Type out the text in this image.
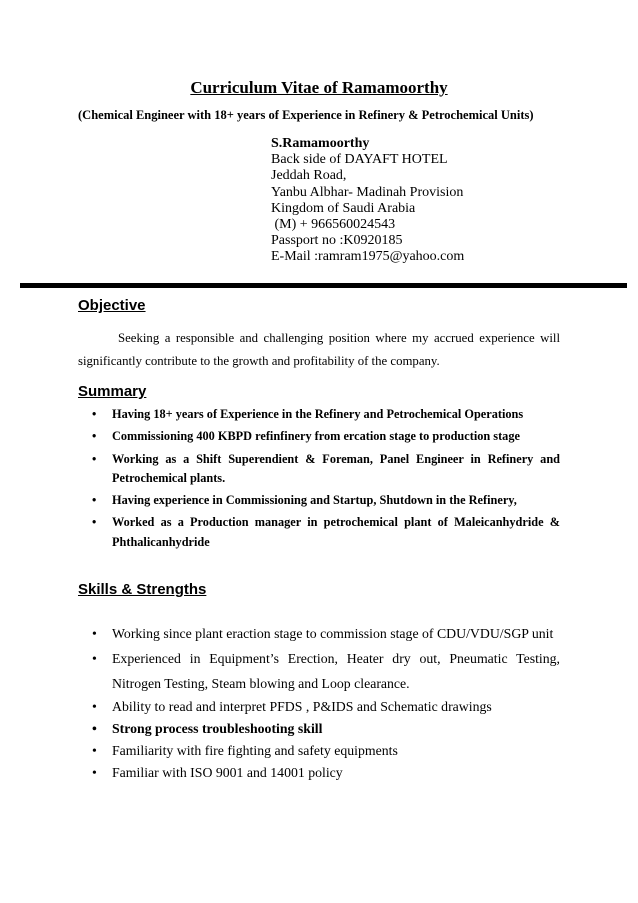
Curriculum Vitae of Ramamoorthy
(Chemical Engineer with 18+ years of Experience in Refinery & Petrochemical Units)
S.Ramamoorthy
Back side of DAYAFT HOTEL
Jeddah Road,
Yanbu Albhar- Madinah Provision
Kingdom of Saudi Arabia
(M) + 966560024543
Passport no :K0920185
E-Mail :ramram1975@yahoo.com
Objective
Seeking a responsible and challenging position where my accrued experience will significantly contribute to the growth and profitability of the company.
Summary
• Having 18+ years of Experience in the Refinery and Petrochemical Operations
• Commissioning 400 KBPD refinfinery from ercation stage to production stage
• Working as a Shift Superendient & Foreman, Panel Engineer in Refinery and Petrochemical plants.
• Having experience in Commissioning and Startup, Shutdown in the Refinery,
• Worked as a Production manager in petrochemical plant of Maleicanhydride & Phthalicanhydride
Skills & Strengths
• Working since plant eraction stage to commission stage of CDU/VDU/SGP unit
• Experienced in Equipment’s Erection, Heater dry out, Pneumatic Testing, Nitrogen Testing, Steam blowing and Loop clearance.
• Ability to read and interpret PFDS , P&IDS and Schematic drawings
• Strong process troubleshooting skill
• Familiarity with fire fighting and safety equipments
• Familiar with ISO 9001 and 14001 policy
